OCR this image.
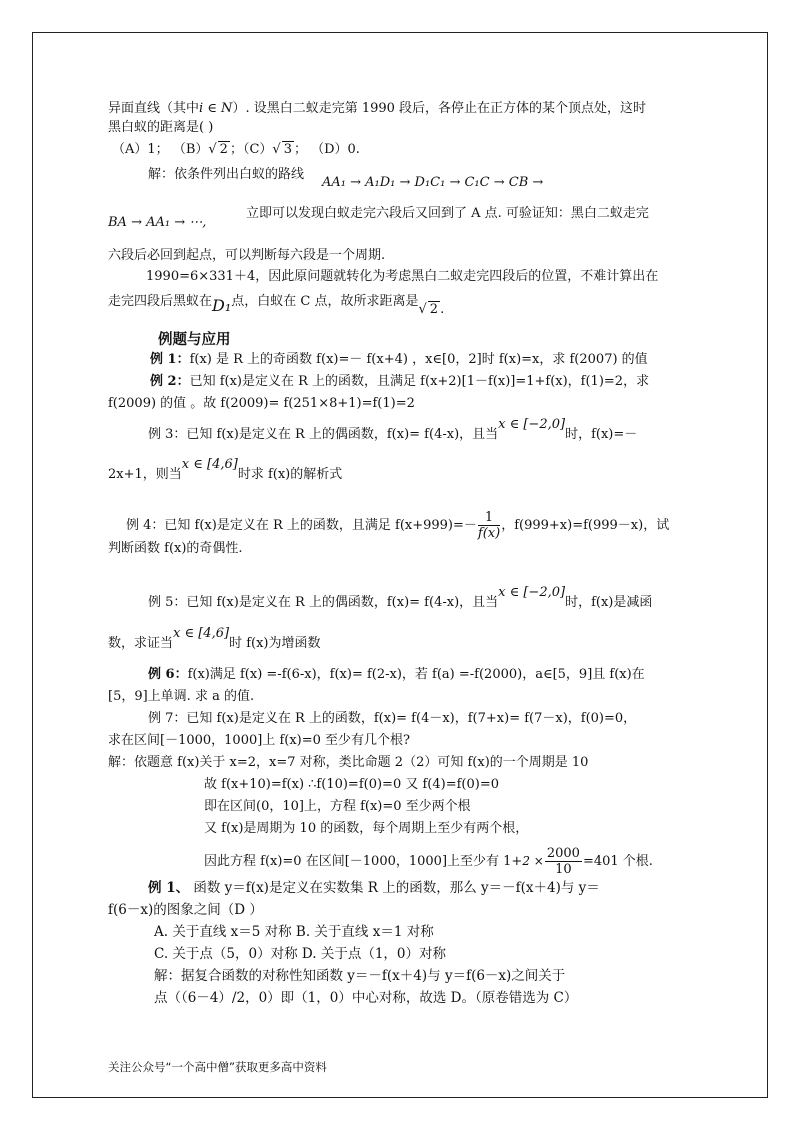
异面直线（其中i ∈ N）. 设黑白二蚁走完第 1990 段后，各停止在正方体的某个顶点处，这时
黑白蚁的距离是( )
（A）1； （B）√ 2 ；（C）√ 3 ； （D）0.
解：依条件列出白蚁的路线
AA₁ → A₁D₁ → D₁C₁ → C₁C → CB →
BA → AA₁ → ⋯,
立即可以发现白蚁走完六段后又回到了 A 点. 可验证知：黑白二蚁走完
六段后必回到起点，可以判断每六段是一个周期.
1990=6×331＋4，因此原问题就转化为考虑黑白二蚁走完四段后的位置，不难计算出在
走完四段后黑蚁在D₁点，白蚁在 C 点，故所求距离是√ 2 .
例题与应用
例 1：f(x) 是 R 上的奇函数 f(x)=－ f(x+4) ，x∈[0，2]时 f(x)=x，求 f(2007) 的值
例 2：已知 f(x)是定义在 R 上的函数，且满足 f(x+2)[1－f(x)]=1+f(x)，f(1)=2，求
f(2009) 的值 。故 f(2009)= f(251×8+1)=f(1)=2
例 3：已知 f(x)是定义在 R 上的偶函数，f(x)= f(4-x)，且当x ∈ [−2,0]时，f(x)=－
2x+1，则当x ∈ [4,6]时求 f(x)的解析式
例 4：已知 f(x)是定义在 R 上的函数，且满足 $f(x+999)=- \frac{1}{f(x)}$ ，f(999+x)=f(999－x)，试
判断函数 f(x)的奇偶性.
例 5：已知 f(x)是定义在 R 上的偶函数，f(x)= f(4-x)，且当x ∈ [−2,0]时，f(x)是减函
数，求证当x ∈ [4,6]时 f(x)为增函数
例 6：f(x)满足 f(x) =-f(6-x)，f(x)= f(2-x)，若 f(a) =-f(2000)，a∈[5，9]且 f(x)在
[5，9]上单调. 求 a 的值.
例 7：已知 f(x)是定义在 R 上的函数，f(x)= f(4－x)，f(7+x)= f(7－x)，f(0)=0，
求在区间[－1000，1000]上 f(x)=0 至少有几个根?
解：依题意 f(x)关于 x=2，x=7 对称，类比命题 2（2）可知 f(x)的一个周期是 10
故 f(x+10)=f(x) ∴f(10)=f(0)=0 又 f(4)=f(0)=0
即在区间(0，10]上，方程 f(x)=0 至少两个根
又 f(x)是周期为 10 的函数，每个周期上至少有两个根，
因此方程 f(x)=0 在区间[－1000，1000]上至少有 $1+2 \times \frac{2000}{10} =401$ 个根.
例 1、 函数 y＝f(x)是定义在实数集 R 上的函数，那么 y＝－f(x＋4)与 y＝
f(6－x)的图象之间（D ）
A. 关于直线 x＝5 对称 B. 关于直线 x＝1 对称
C. 关于点（5，0）对称 D. 关于点（1，0）对称
解：据复合函数的对称性知函数 y＝－f(x＋4)与 y＝f(6－x)之间关于
点（（6－4）/2，0）即（1，0）中心对称，故选 D。（原卷错选为 C）
关注公众号“一个高中僧”获取更多高中资料
